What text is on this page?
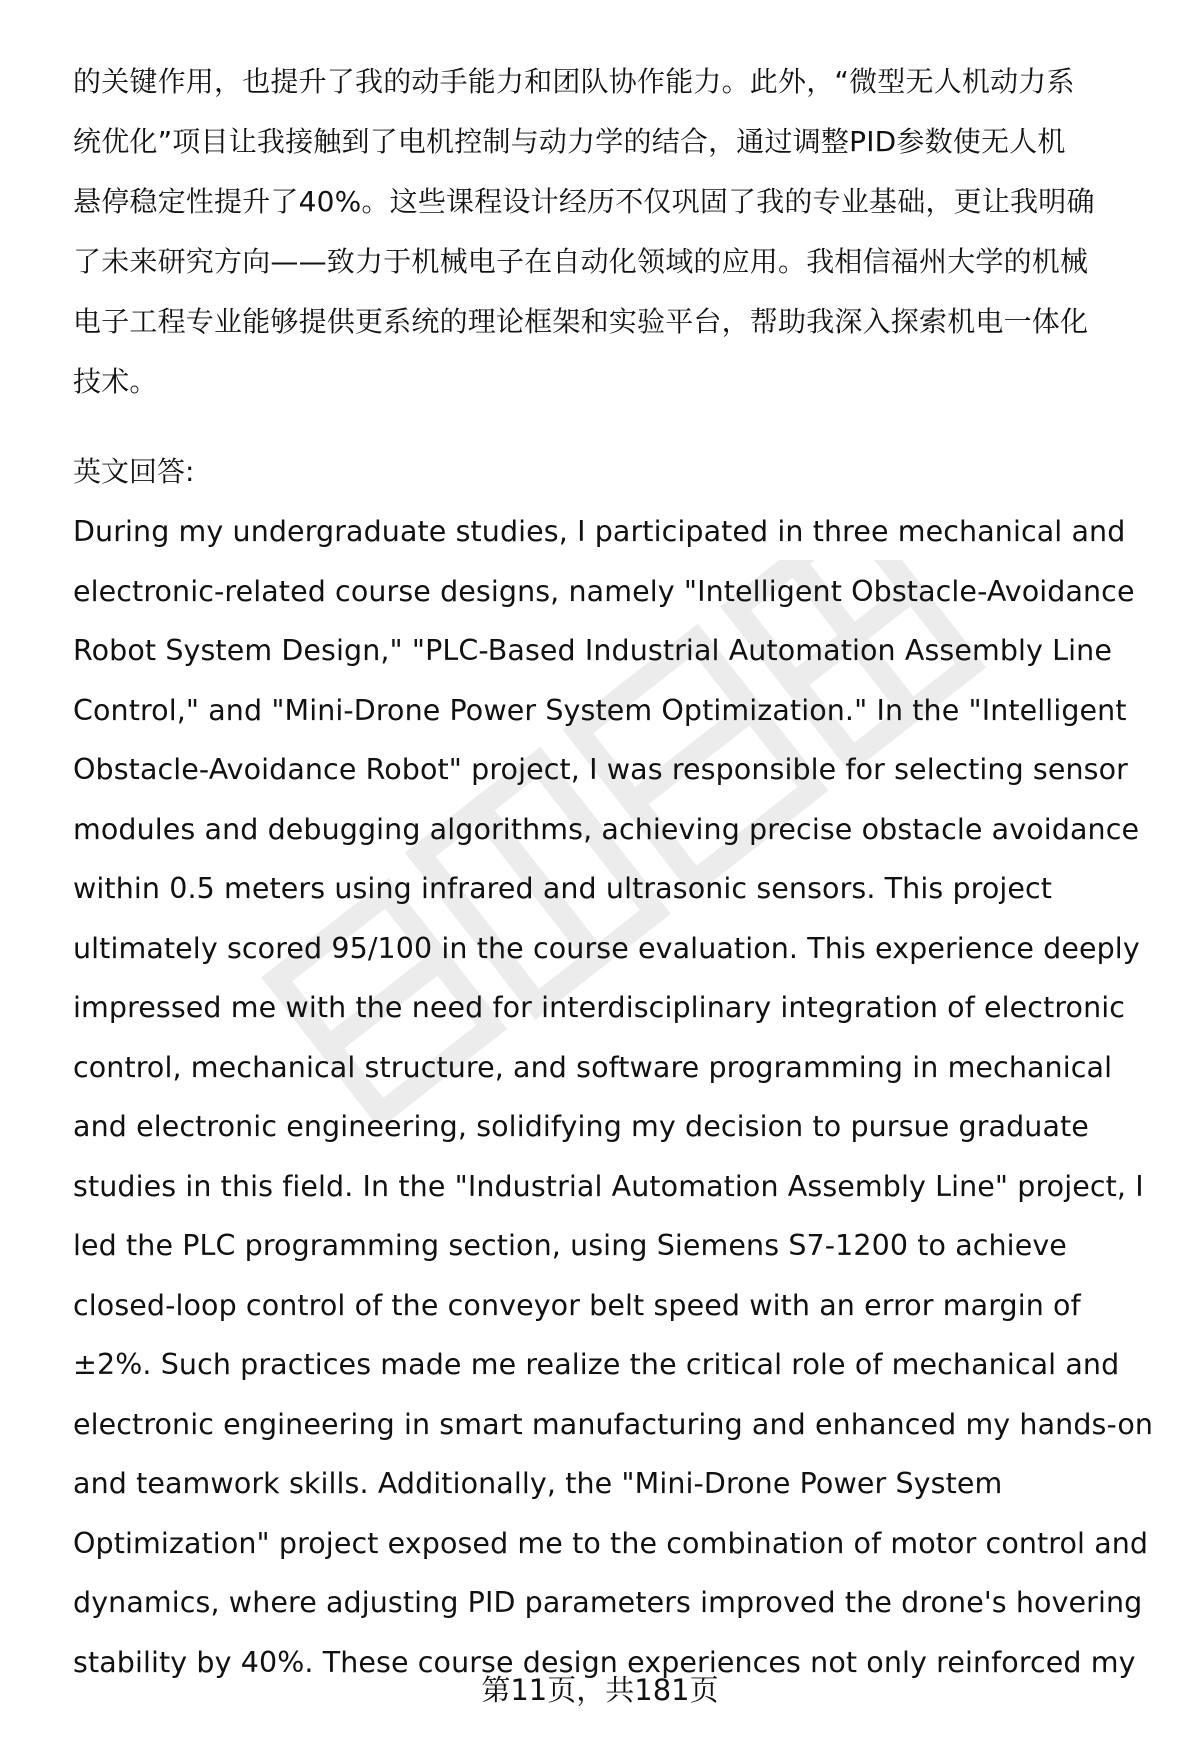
的关键作用，也提升了我的动手能力和团队协作能力。此外，“微型无人机动力系
统优化”项目让我接触到了电机控制与动力学的结合，通过调整PID参数使无人机
悬停稳定性提升了40%。这些课程设计经历不仅巩固了我的专业基础，更让我明确
了未来研究方向——致力于机械电子在自动化领域的应用。我相信福州大学的机械
电子工程专业能够提供更系统的理论框架和实验平台，帮助我深入探索机电一体化
技术。

英文回答:

During my undergraduate studies, I participated in three mechanical and
electronic-related course designs, namely "Intelligent Obstacle-Avoidance
Robot System Design," "PLC-Based Industrial Automation Assembly Line
Control," and "Mini-Drone Power System Optimization." In the "Intelligent
Obstacle-Avoidance Robot" project, I was responsible for selecting sensor
modules and debugging algorithms, achieving precise obstacle avoidance
within 0.5 meters using infrared and ultrasonic sensors. This project
ultimately scored 95/100 in the course evaluation. This experience deeply
impressed me with the need for interdisciplinary integration of electronic
control, mechanical structure, and software programming in mechanical
and electronic engineering, solidifying my decision to pursue graduate
studies in this field. In the "Industrial Automation Assembly Line" project, I
led the PLC programming section, using Siemens S7-1200 to achieve
closed-loop control of the conveyor belt speed with an error margin of
±2%. Such practices made me realize the critical role of mechanical and
electronic engineering in smart manufacturing and enhanced my hands-on
and teamwork skills. Additionally, the "Mini-Drone Power System
Optimization" project exposed me to the combination of motor control and
dynamics, where adjusting PID parameters improved the drone's hovering
stability by 40%. These course design experiences not only reinforced my

第11页，共181页
